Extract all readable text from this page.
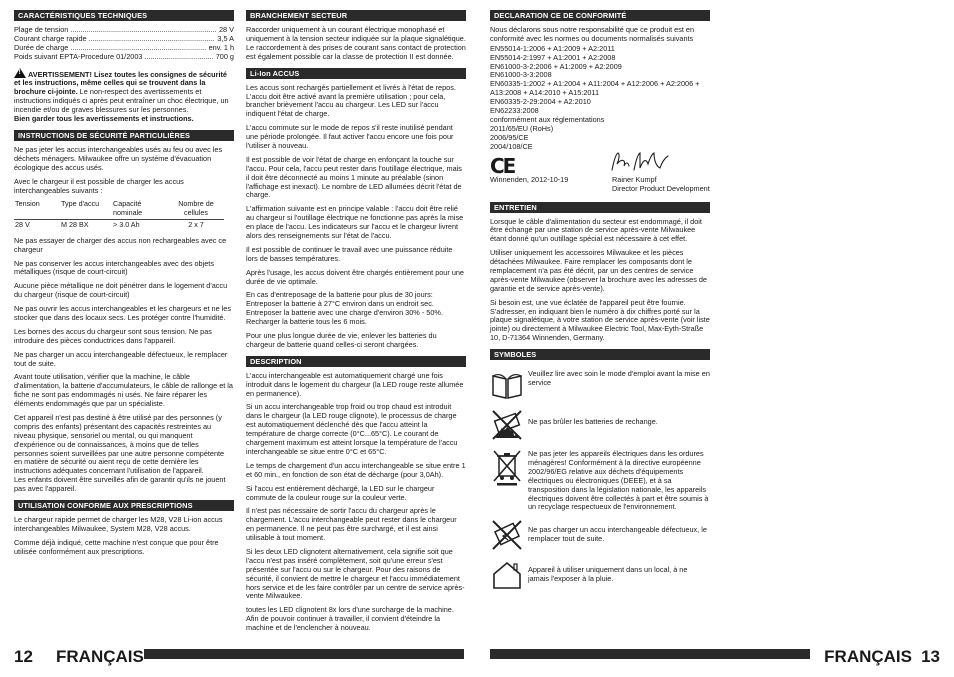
CARACTÉRISTIQUES TECHNIQUES
Plage de tension .....	28 V
Courant charge rapide .....	3,5 A
Durée de charge .....	env. 1 h
Poids suivant EPTA-Procedure 01/2003 .....	700 g

!AVERTISSEMENT! Lisez toutes les consignes de sécurité et les instructions, même celles qui se trouvent dans la brochure ci-jointe. Le non-respect des avertissements et instructions indiqués ci après peut entraîner un choc électrique, un incendie et/ou de graves blessures sur les personnes.
Bien garder tous les avertissements et instructions.

INSTRUCTIONS DE SÉCURITÉ PARTICULIÈRES

Ne pas jeter les accus interchangeables usés au feu ou avec les déchets ménagers. Milwaukee offre un système d'évacuation écologique des accus usés.

Avec le chargeur il est possible de charger les accus interchangeables suivants :

Tension	Type d'accu	Capacité nominale	Nombre de cellules
28 V	M 28 BX	> 3.0 Ah	2 x 7

Ne pas essayer de charger des accus non rechargeables avec ce chargeur

Ne pas conserver les accus interchangeables avec des objets métalliques (risque de court-circuit)

Aucune pièce métallique ne doit pénétrer dans le logement d'accu du chargeur (risque de court-circuit)

Ne pas ouvrir les accus interchangeables et les chargeurs et ne les stocker que dans des locaux secs. Les protéger contre l'humidité.

Les bornes des accus du chargeur sont sous tension. Ne pas introduire des pièces conductrices dans l'appareil.

Ne pas charger un accu interchangeable défectueux, le remplacer tout de suite.

Avant toute utilisation, vérifier que la machine, le câble d'alimentation, la batterie d'accumulateurs, le câble de rallonge et la fiche ne sont pas endommagés ni usés. Ne faire réparer les éléments endommagés que par un spécialiste.

Cet appareil n'est pas destiné à être utilisé par des personnes (y compris des enfants) présentant des capacités restreintes au niveau physique, sensoriel ou mental, ou qui manquent d'expérience ou de connaissances, à moins que de telles personnes soient surveillées par une autre personne compétente en matière de sécurité ou aient reçu de cette dernière les instructions adéquates concernant l'utilisation de l'appareil.

Les enfants doivent être surveillés afin de garantir qu'ils ne jouent pas avec l'appareil.

UTILISATION CONFORME AUX PRESCRIPTIONS

Le chargeur rapide permet de charger les M28, V28 Li-ion accus interchangeables Milwaukee, System M28, V28 accus.

Comme déjà indiqué, cette machine n'est conçue que pour être utilisée conformément aux prescriptions.

BRANCHEMENT SECTEUR

Raccorder uniquement à un courant électrique monophasé et uniquement à la tension secteur indiquée sur la plaque signalétique. Le raccordement à des prises de courant sans contact de protection est également possible car la classe de protection II est donnée.

Li-Ion ACCUS

Les accus sont rechargés partiellement et livrés à l'état de repos. L'accu doit être activé avant la première utilisation ; pour cela, brancher brièvement l'accu au chargeur. Les LED sur l'accu indiquent l'état de charge.

L'accu commute sur le mode de repos s'il reste inutilisé pendant une période prolongée. Il faut activer l'accu encore une fois pour l'utiliser à nouveau.

Il est possible de voir l'état de charge en enfonçant la touche sur l'accu. Pour cela, l'accu peut rester dans l'outillage électrique, mais il doit être déconnecté au moins 1 minute au préalable (sinon l'affichage est inexact). Le nombre de LED allumées décrit l'état de charge.

L'affirmation suivante est en principe valable : l'accu doit être relié au chargeur si l'outillage électrique ne fonctionne pas après la mise en place de l'accu. Les indicateurs sur l'accu et le chargeur livrent alors des renseignements sur l'état de l'accu.

Il est possible de continuer le travail avec une puissance réduite lors de basses températures.

Après l'usage, les accus doivent être chargés entièrement pour une durée de vie optimale.

En cas d'entreposage de la batterie pour plus de 30 jours: Entreposer la batterie à 27°C environ dans un endroit sec. Entreposer la batterie avec une charge d'environ 30% - 50%.
Recharger la batterie tous les 6 mois.

Pour une plus longue durée de vie, enlever les batteries du chargeur de batterie quand celles-ci seront chargées.

DESCRIPTION

L'accu interchangeable est automatiquement chargé une fois introduit dans le logement du chargeur (la LED rouge reste allumée en permanence).

Si un accu interchangeable trop froid ou trop chaud est introduit dans le chargeur (la LED rouge clignote), le processus de charge est automatiquement déclenché dès que l'accu atteint la température de charge correcte (0°C...65°C). Le courant de chargement maximum est atteint lorsque la température de l'accu interchangeable se situe entre 0°C et 65°C.

Le temps de chargement d'un accu interchangeable se situe entre 1 et 60 min., en fonction de son état de décharge (pour 3,0Ah).

Si l'accu est entièrement déchargé, la LED sur le chargeur commute de la couleur rouge sur la couleur verte.

Il n'est pas nécessaire de sortir l'accu du chargeur après le chargement. L'accu interchangeable peut rester dans le chargeur en permanence. Il ne peut pas être surchargé, et il est ainsi utilisable à tout moment.

Si les deux LED clignotent alternativement, cela signifie soit que l'accu n'est pas inséré complètement, soit qu'une erreur s'est présentée sur l'accu ou sur le chargeur. Pour des raisons de sécurité, il convient de mettre le chargeur et l'accu immédiatement hors service et de les faire contrôler par un centre de service après-vente Milwaukee.

toutes les LED clignotent 8x lors d'une surcharge de la machine. Afin de pouvoir continuer à travailler, il convient d'éteindre la machine et de l'enclencher à nouveau.

DECLARATION CE DE CONFORMITÉ

Nous déclarons sous notre responsabilité que ce produit est en conformité avec les normes ou documents normalisés suivants

EN55014-1:2006 + A1:2009 + A2:2011
EN55014-2:1997 + A1:2001 + A2:2008
EN61000-3-2:2006 + A1:2009 + A2:2009
EN61000-3-3:2008
EN60335-1:2002 + A1:2004 + A11:2004 + A12:2006 + A2:2006 + A13:2008 + A14:2010 + A15:2011
EN60335-2-29:2004 + A2:2010
EN62233:2008
conformément aux réglementations
2011/65/EU (RoHs)
2006/95/CE
2004/108/CE
CE
Winnenden, 2012-10-19	Rainer Kumpf
Director Product Development
ENTRETIEN

Lorsque le câble d'alimentation du secteur est endommagé, il doit être échangé par une station de service après-vente Milwaukee étant donné qu'un outillage spécial est nécessaire à cet effet.

Utiliser uniquement les accessoires Milwaukee et les pièces détachées Milwaukee. Faire remplacer les composants dont le remplacement n'a pas été décrit, par un des centres de service après-vente Milwaukee (observer la brochure avec les adresses de garantie et de service après-vente).

Si besoin est, une vue éclatée de l'appareil peut être fournie. S'adresser, en indiquant bien le numéro à dix chiffres porté sur la plaque signalétique, à votre station de service après-vente (voir liste jointe) ou directement à Milwaukee Electric Tool, Max-Eyth-Straße 10, D-71364 Winnenden, Germany.

SYMBOLES
Veuillez lire avec soin le mode d'emploi avant la mise en service
Ne pas brûler les batteries de rechange.
Ne pas jeter les appareils électriques dans les ordures ménagères! Conformément à la directive européenne 2002/96/EG relative aux déchets d'équipements électriques ou électroniques (DEEE), et à sa transposition dans la législation nationale, les appareils électriques doivent être collectés à part et être soumis à un recyclage respectueux de l'environnement.
Ne pas charger un accu interchangeable défectueux, le remplacer tout de suite.
Appareil à utiliser uniquement dans un local, à ne jamais l'exposer à la pluie.
12 FRANÇAIS	FRANÇAIS 13
